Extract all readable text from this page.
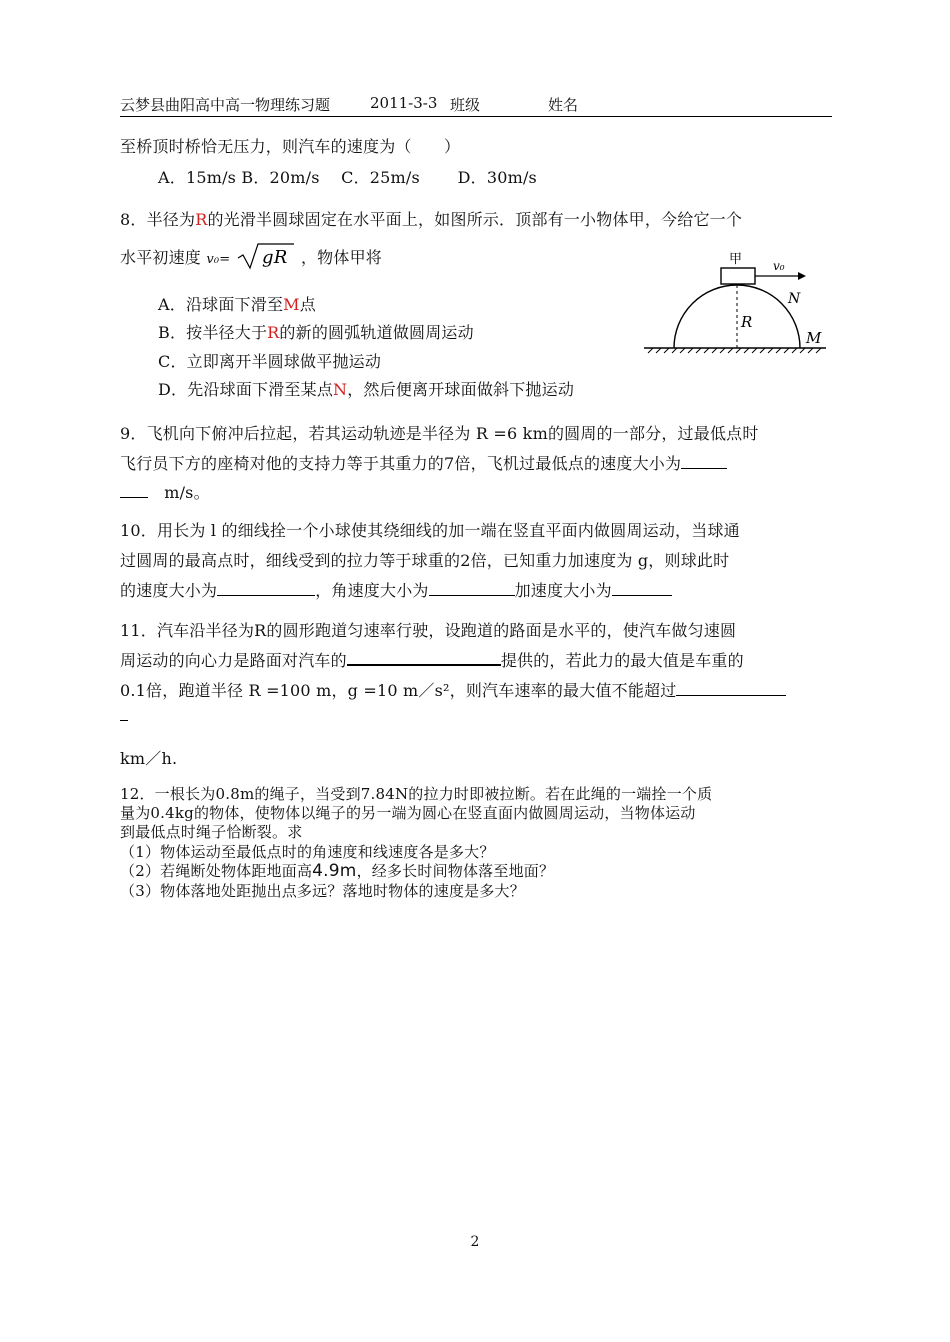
云梦县曲阳高中高一物理练习题	2011-3-3 班级	姓名
至桥顶时桥恰无压力，则汽车的速度为（　　）
A．15m/s B．20m/s　 C．25m/s　　 D．30m/s
8．半径为R的光滑半圆球固定在水平面上，如图所示．顶部有一小物体甲，今给它一个
水平初速度 v₀= gR ，物体甲将
A．沿球面下滑至M点
B．按半径大于R的新的圆弧轨道做圆周运动
C．立即离开半圆球做平抛运动
D．先沿球面下滑至某点N，然后便离开球面做斜下抛运动
甲	v₀
N
R
M
9．飞机向下俯冲后拉起，若其运动轨迹是半径为 R =6 km的圆周的一部分，过最低点时
飞行员下方的座椅对他的支持力等于其重力的7倍，飞机过最低点的速度大小为
　m/s。
10．用长为 l 的细线拴一个小球使其绕细线的加一端在竖直平面内做圆周运动，当球通
过圆周的最高点时，细线受到的拉力等于球重的2倍，已知重力加速度为 g，则球此时
的速度大小为	，角速度大小为	加速度大小为
11．汽车沿半径为R的圆形跑道匀速率行驶，设跑道的路面是水平的，使汽车做匀速圆
周运动的向心力是路面对汽车的	提供的，若此力的最大值是车重的
0.1倍，跑道半径 R =100 m，g =10 m／s²，则汽车速率的最大值不能超过
km／h.
12．一根长为0.8m的绳子，当受到7.84N的拉力时即被拉断。若在此绳的一端拴一个质
量为0.4kg的物体，使物体以绳子的另一端为圆心在竖直面内做圆周运动，当物体运动
到最低点时绳子恰断裂。求
（1）物体运动至最低点时的角速度和线速度各是多大？
（2）若绳断处物体距地面高4.9m，经多长时间物体落至地面？
（3）物体落地处距抛出点多远？落地时物体的速度是多大？
2
